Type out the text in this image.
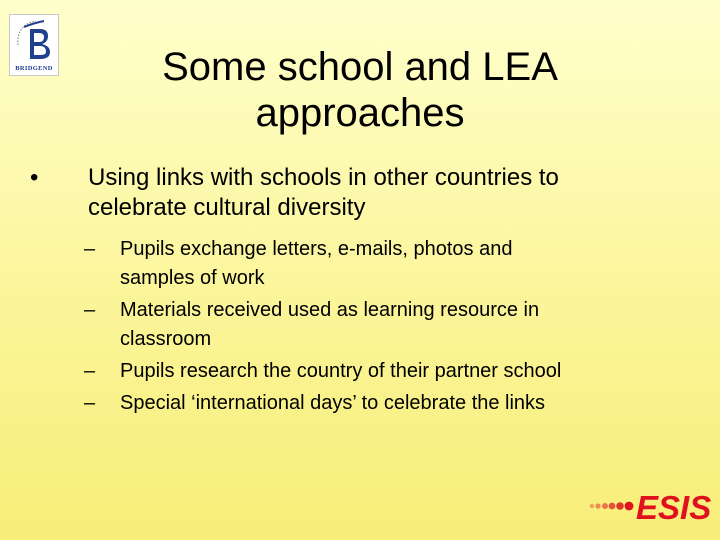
BRIDGEND	Some school and LEA
approaches
•	Using links with schools in other countries to
celebrate cultural diversity
– Pupils exchange letters, e-mails, photos and
samples of work
– Materials received used as learning resource in
classroom
– Pupils research the country of their partner school
– Special ‘international days’ to celebrate the links
ESIS
